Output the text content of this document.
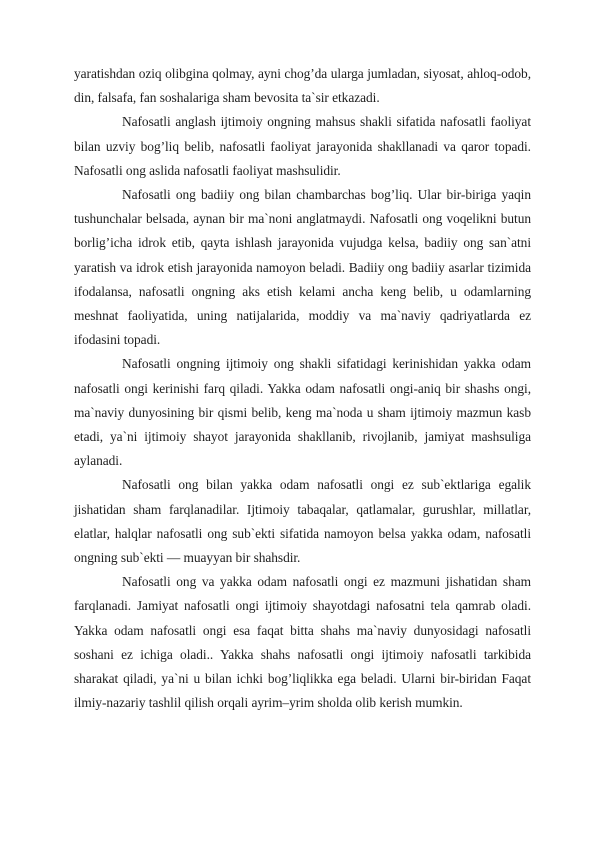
yaratishdan oziq olibgina qolmay, ayni chog’da ularga jumladan, siyosat, ahloq-odob, din, falsafa, fan soshalariga sham bevosita ta`sir etkazadi.

Nafosatli anglash ijtimoiy ongning mahsus shakli sifatida nafosatli faoliyat bilan uzviy bog’liq belib, nafosatli faoliyat jarayonida shakllanadi va qaror topadi. Nafosatli ong aslida nafosatli faoliyat mashsulidir.

Nafosatli ong badiiy ong bilan chambarchas bog’liq. Ular bir-biriga yaqin tushunchalar belsada, aynan bir ma`noni anglatmaydi. Nafosatli ong voqelikni butun borlig’icha idrok etib, qayta ishlash jarayonida vujudga kelsa, badiiy ong san`atni yaratish va idrok etish jarayonida namoyon beladi. Badiiy ong badiiy asarlar tizimida ifodalansa, nafosatli ongning aks etish kelami ancha keng belib, u odamlarning meshnat faoliyatida, uning natijalarida, moddiy va ma`naviy qadriyatlarda ez ifodasini topadi.

Nafosatli ongning ijtimoiy ong shakli sifatidagi kerinishidan yakka odam nafosatli ongi kerinishi farq qiladi. Yakka odam nafosatli ongi-aniq bir shashs ongi, ma`naviy dunyosining bir qismi belib, keng ma`noda u sham ijtimoiy mazmun kasb etadi, ya`ni ijtimoiy shayot jarayonida shakllanib, rivojlanib, jamiyat mashsuliga aylanadi.

Nafosatli ong bilan yakka odam nafosatli ongi ez sub`ektlariga egalik jishatidan sham farqlanadilar. Ijtimoiy tabaqalar, qatlamalar, gurushlar, millatlar, elatlar, halqlar nafosatli ong sub`ekti sifatida namoyon belsa yakka odam, nafosatli ongning sub`ekti — muayyan bir shahsdir.

Nafosatli ong va yakka odam nafosatli ongi ez mazmuni jishatidan sham farqlanadi. Jamiyat nafosatli ongi ijtimoiy shayotdagi nafosatni tela qamrab oladi. Yakka odam nafosatli ongi esa faqat bitta shahs ma`naviy dunyosidagi nafosatli soshani ez ichiga oladi.. Yakka shahs nafosatli ongi ijtimoiy nafosatli tarkibida sharakat qiladi, ya`ni u bilan ichki bog’liqlikka ega beladi. Ularni bir-biridan Faqat ilmiy-nazariy tashlil qilish orqali ayrim–yrim sholda olib kerish mumkin.
